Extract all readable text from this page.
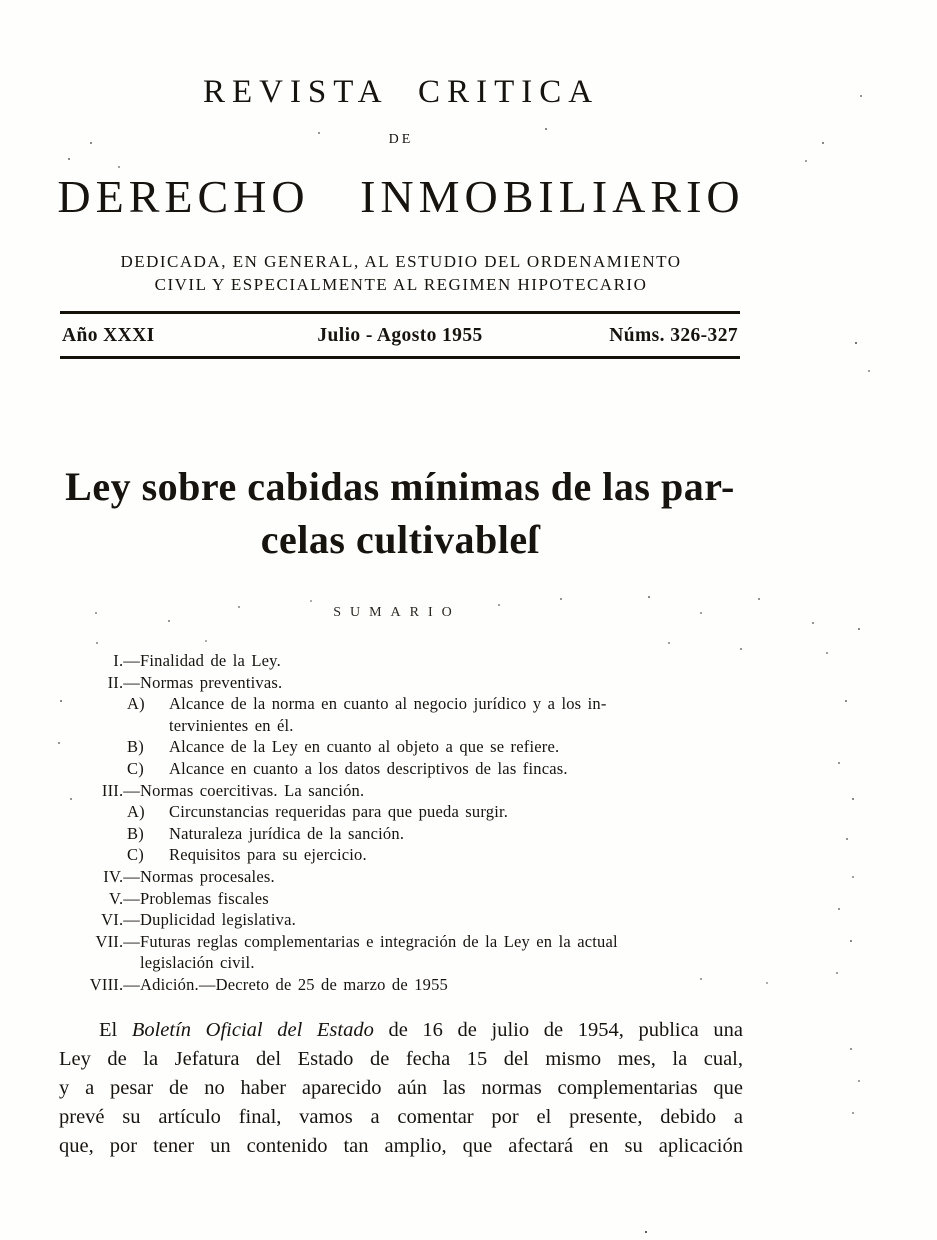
REVISTA CRITICA
DE
DERECHO INMOBILIARIO
DEDICADA, EN GENERAL, AL ESTUDIO DEL ORDENAMIENTO
CIVIL Y ESPECIALMENTE AL REGIMEN HIPOTECARIO
Año XXXI	Julio - Agosto 1955	Núms. 326-327
Ley sobre cabidas mínimas de las par-
celas cultivableſ
SUMARIO
I.— Finalidad de la Ley.
II.— Normas preventivas.
A)	Alcance de la norma en cuanto al negocio jurídico y a los in-
tervinientes en él.
B)	Alcance de la Ley en cuanto al objeto a que se refiere.
C)	Alcance en cuanto a los datos descriptivos de las fincas.
III.— Normas coercitivas. La sanción.
A)	Circunstancias requeridas para que pueda surgir.
B)	Naturaleza jurídica de la sanción.
C)	Requisitos para su ejercicio.
IV.— Normas procesales.
V.— Problemas fiscales
VI.— Duplicidad legislativa.
VII.— Futuras reglas complementarias e integración de la Ley en la actual
legislación civil.
VIII.— Adición.—Decreto de 25 de marzo de 1955
El Boletín Oficial del Estado de 16 de julio de 1954, publica una
Ley de la Jefatura del Estado de fecha 15 del mismo mes, la cual,
y a pesar de no haber aparecido aún las normas complementarias que
prevé su artículo final, vamos a comentar por el presente, debido a
que, por tener un contenido tan amplio, que afectará en su aplicación
